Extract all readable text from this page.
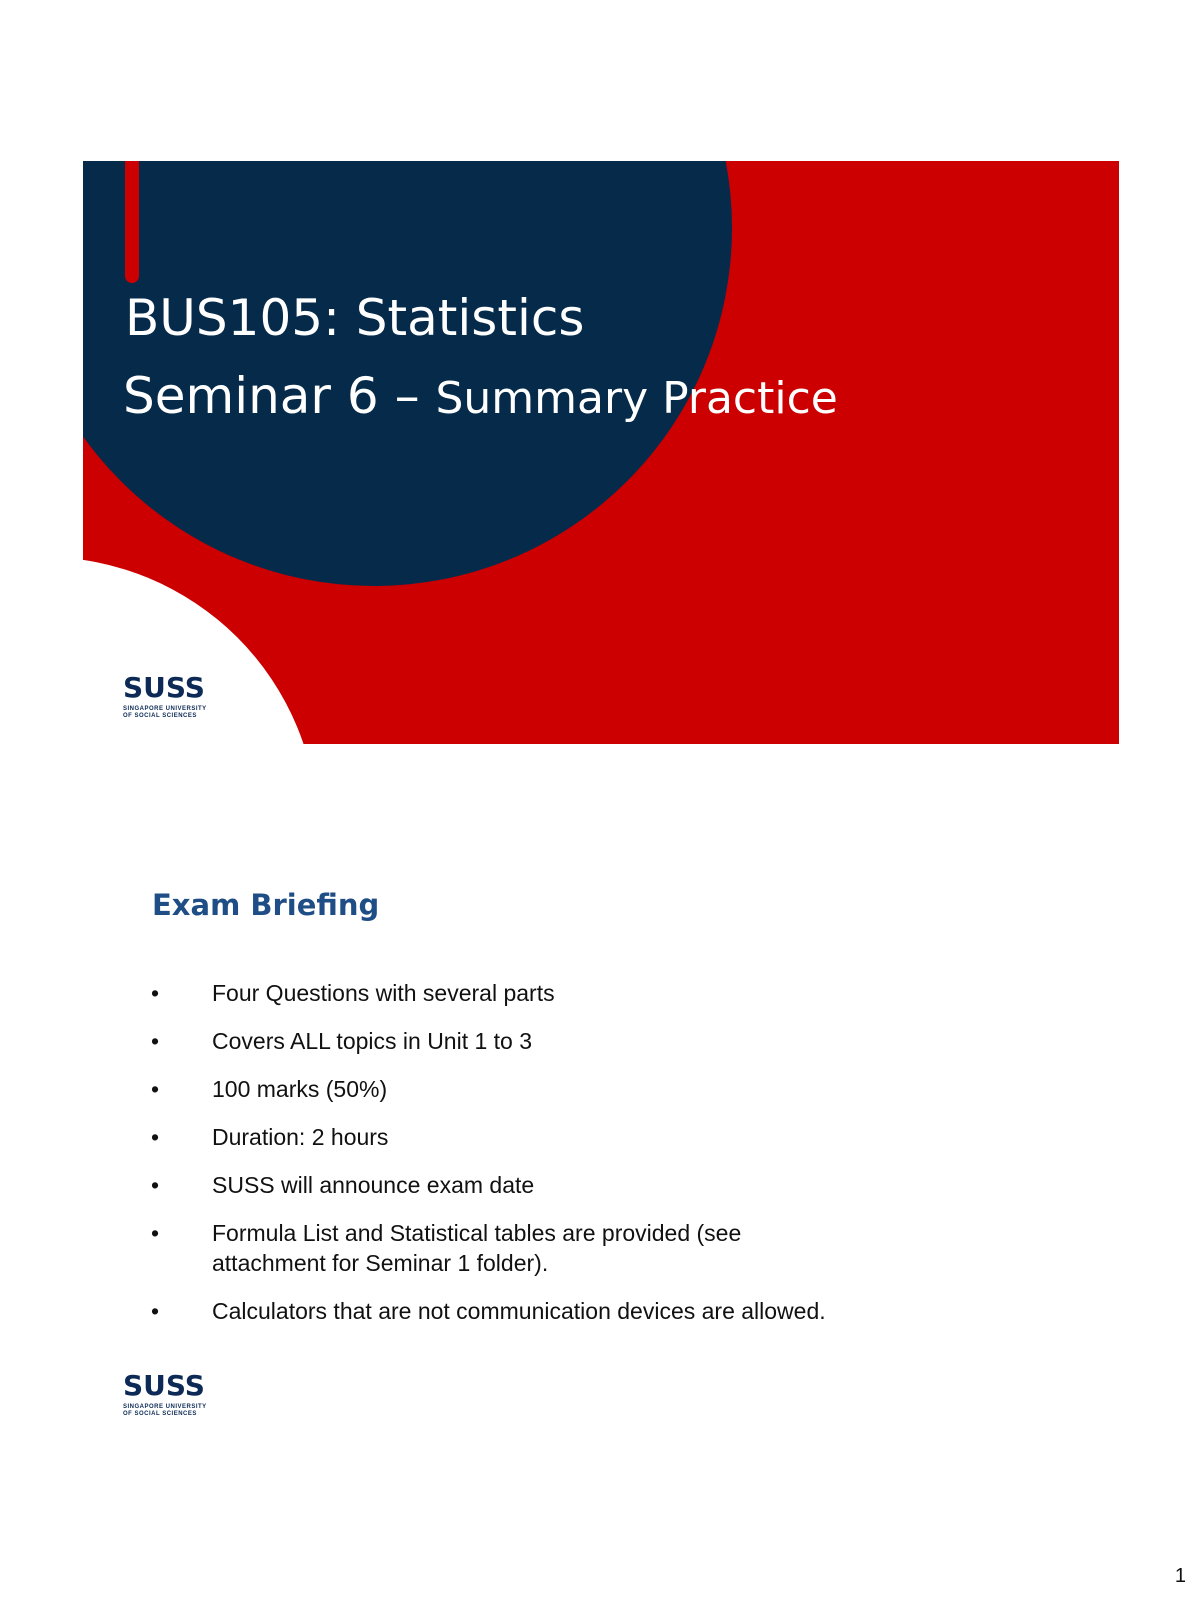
BUS105: Statistics
Seminar 6 – Summary Practice
SUSS
SINGAPORE UNIVERSITY
OF SOCIAL SCIENCES
Exam Briefing
• Four Questions with several parts
• Covers ALL topics in Unit 1 to 3
• 100 marks (50%)
• Duration: 2 hours
• SUSS will announce exam date
• Formula List and Statistical tables are provided (see attachment for Seminar 1 folder).
• Calculators that are not communication devices are allowed.
SUSS
SINGAPORE UNIVERSITY
OF SOCIAL SCIENCES
1
